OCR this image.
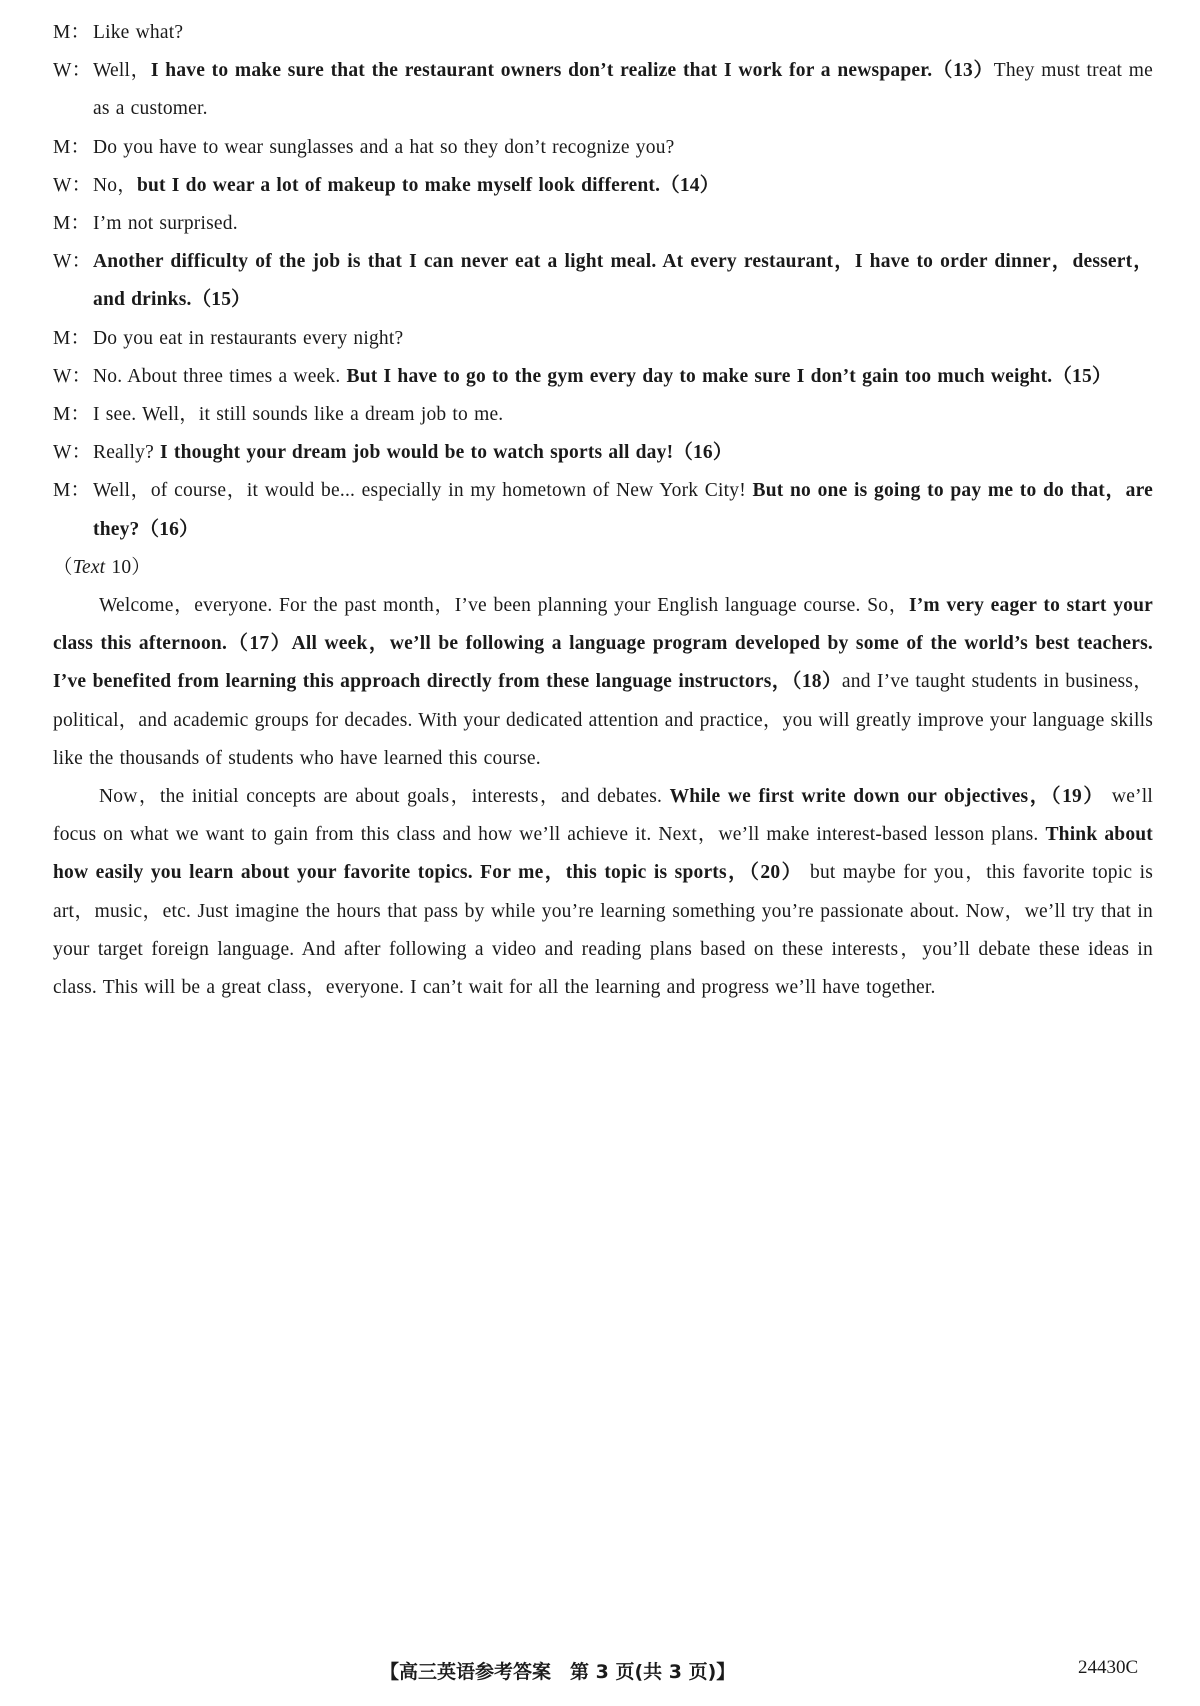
M： Like what?
W：Well，I have to make sure that the restaurant owners don’t realize that I work for a newspaper.（13）They must treat me as a customer.
M： Do you have to wear sunglasses and a hat so they don’t recognize you?
W：No，but I do wear a lot of makeup to make myself look different.（14）
M： I’m not surprised.
W：Another difficulty of the job is that I can never eat a light meal. At every restaurant，I have to order dinner，dessert，and drinks.（15）
M： Do you eat in restaurants every night?
W：No. About three times a week. But I have to go to the gym every day to make sure I don’t gain too much weight.（15）
M： I see. Well，it still sounds like a dream job to me.
W：Really? I thought your dream job would be to watch sports all day!（16）
M： Well，of course，it would be... especially in my hometown of New York City! But no one is going to pay me to do that，are they?（16）
（Text 10）
Welcome，everyone. For the past month，I’ve been planning your English language course. So，I’m very eager to start your class this afternoon.（17）All week，we’ll be following a language program developed by some of the world’s best teachers. I’ve benefited from learning this approach directly from these language instructors，（18）and I’ve taught students in business，political，and academic groups for decades. With your dedicated attention and practice，you will greatly improve your language skills like the thousands of students who have learned this course.
Now，the initial concepts are about goals，interests，and debates. While we first write down our objectives，（19） we’ll focus on what we want to gain from this class and how we’ll achieve it. Next，we’ll make interest-based lesson plans. Think about how easily you learn about your favorite topics. For me，this topic is sports，（20） but maybe for you，this favorite topic is art，music，etc. Just imagine the hours that pass by while you’re learning something you’re passionate about. Now，we’ll try that in your target foreign language. And after following a video and reading plans based on these interests，you’ll debate these ideas in class. This will be a great class，everyone. I can’t wait for all the learning and progress we’ll have together.
【高三英语参考答案　第 3 页(共 3 页)】	24430C
